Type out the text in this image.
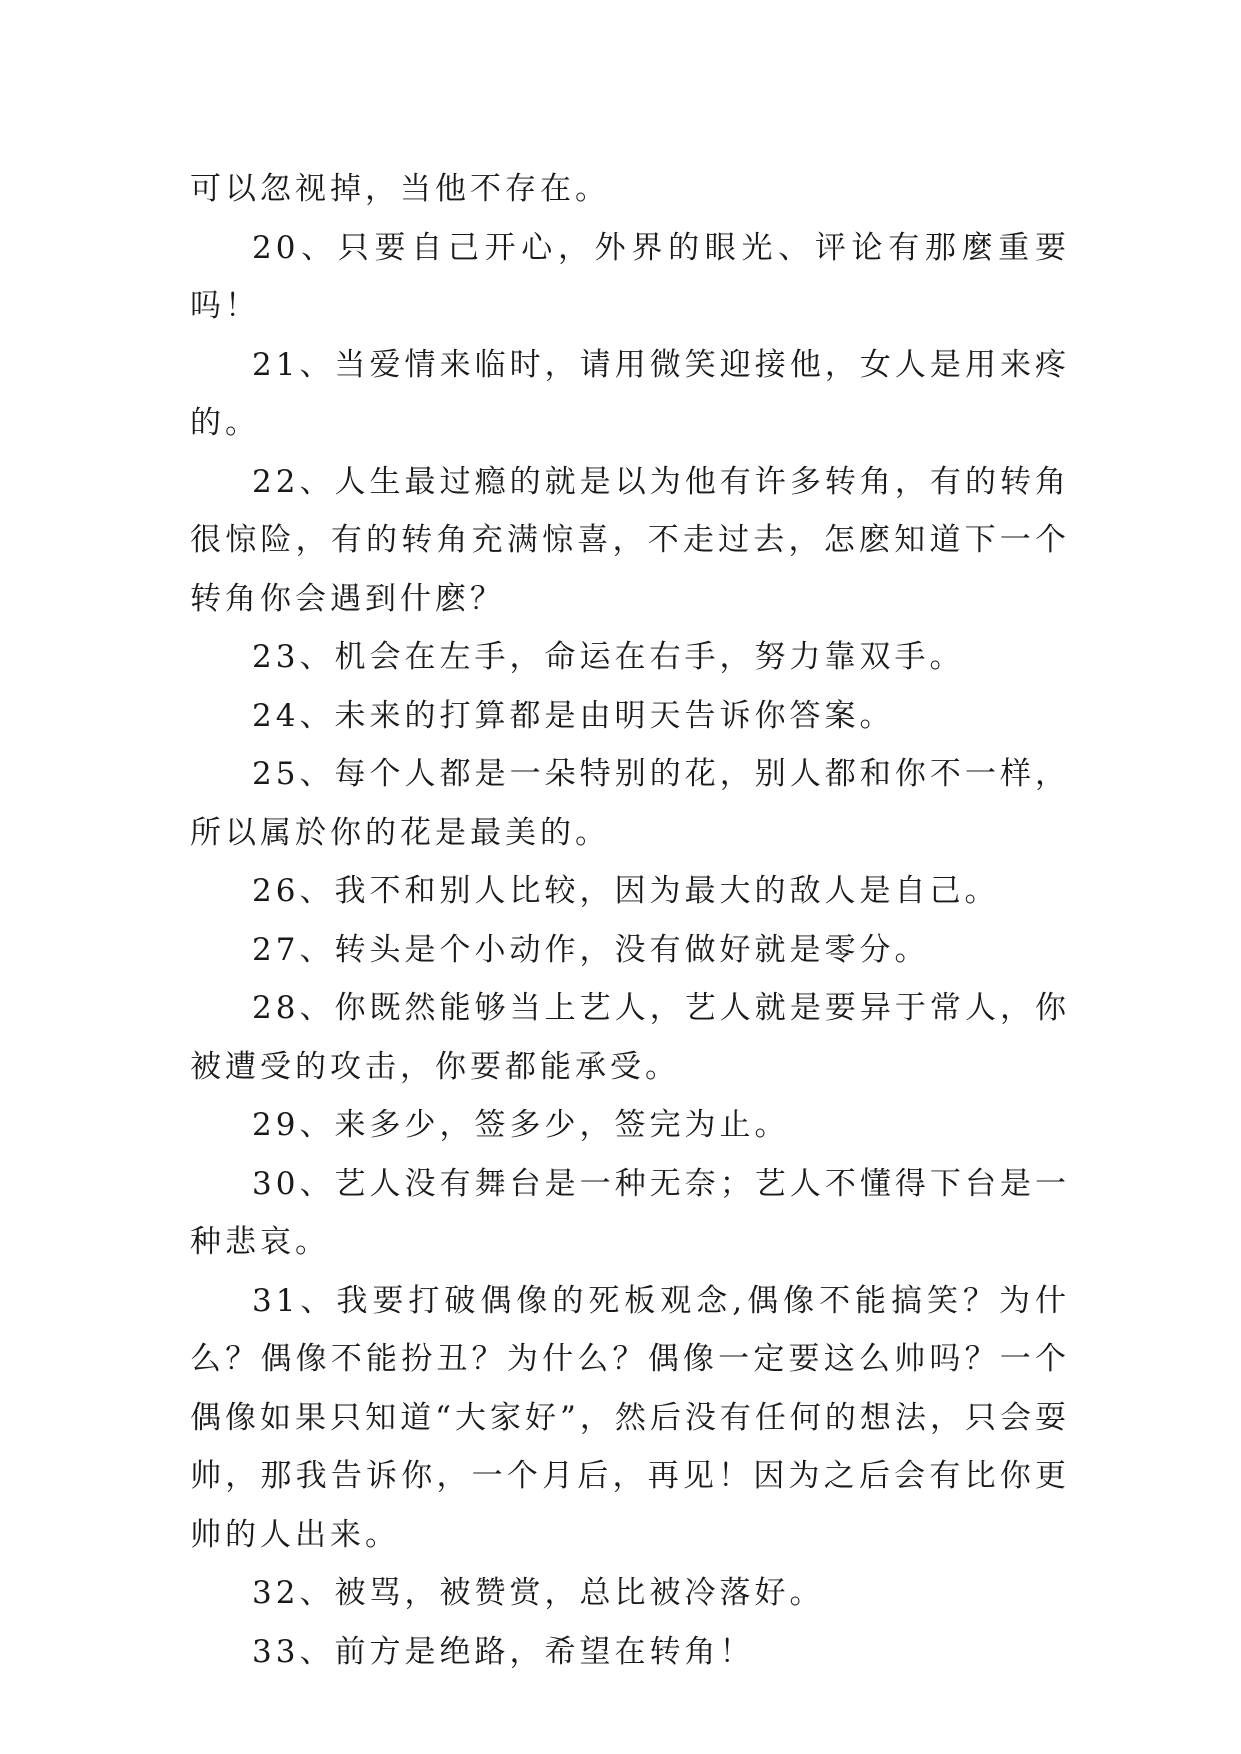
可以忽视掉，当他不存在。

20、只要自己开心，外界的眼光、评论有那麼重要吗！

21、当爱情来临时，请用微笑迎接他，女人是用来疼的。

22、人生最过瘾的就是以为他有许多转角，有的转角很惊险，有的转角充满惊喜，不走过去，怎麽知道下一个转角你会遇到什麽？

23、机会在左手，命运在右手，努力靠双手。

24、未来的打算都是由明天告诉你答案。

25、每个人都是一朵特别的花，别人都和你不一样，所以属於你的花是最美的。

26、我不和别人比较，因为最大的敌人是自己。

27、转头是个小动作，没有做好就是零分。

28、你既然能够当上艺人，艺人就是要异于常人，你被遭受的攻击，你要都能承受。

29、来多少，签多少，签完为止。

30、艺人没有舞台是一种无奈；艺人不懂得下台是一种悲哀。

31、我要打破偶像的死板观念,偶像不能搞笑？为什么？偶像不能扮丑？为什么？偶像一定要这么帅吗？一个偶像如果只知道“大家好”，然后没有任何的想法，只会耍帅，那我告诉你，一个月后，再见！因为之后会有比你更帅的人出来。

32、被骂，被赞赏，总比被冷落好。

33、前方是绝路，希望在转角！
